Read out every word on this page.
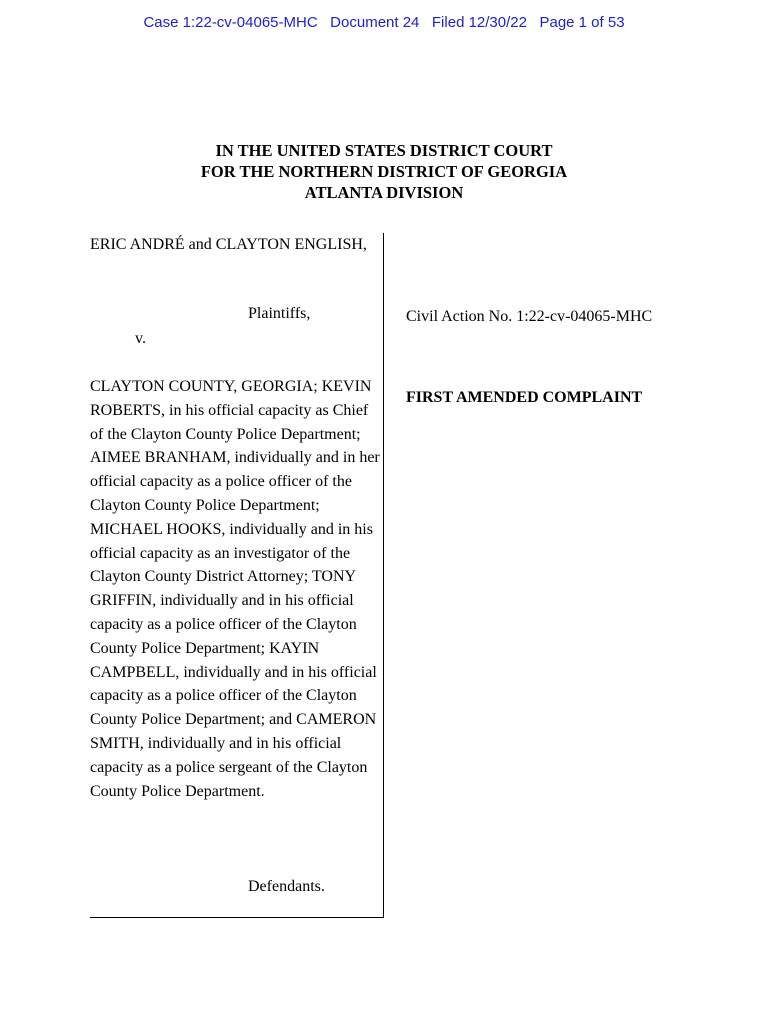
Case 1:22-cv-04065-MHC   Document 24   Filed 12/30/22   Page 1 of 53
IN THE UNITED STATES DISTRICT COURT
FOR THE NORTHERN DISTRICT OF GEORGIA
ATLANTA DIVISION

ERIC ANDRÉ and CLAYTON ENGLISH,

Plaintiffs,
v.

CLAYTON COUNTY, GEORGIA; KEVIN ROBERTS, in his official capacity as Chief of the Clayton County Police Department; AIMEE BRANHAM, individually and in her official capacity as a police officer of the Clayton County Police Department; MICHAEL HOOKS, individually and in his official capacity as an investigator of the Clayton County District Attorney; TONY GRIFFIN, individually and in his official capacity as a police officer of the Clayton County Police Department; KAYIN CAMPBELL, individually and in his official capacity as a police officer of the Clayton County Police Department; and CAMERON SMITH, individually and in his official capacity as a police sergeant of the Clayton County Police Department.

Defendants.
Civil Action No. 1:22-cv-04065-MHC
FIRST AMENDED COMPLAINT
